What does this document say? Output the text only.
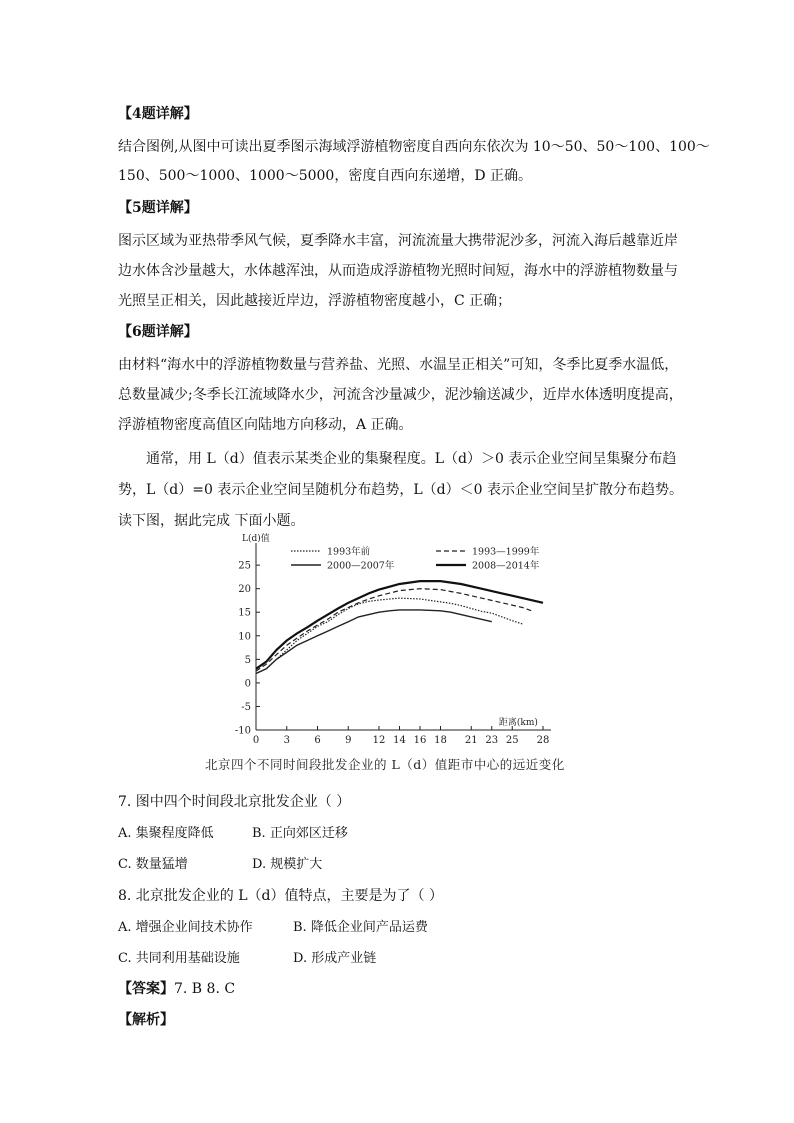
【4题详解】
结合图例,从图中可读出夏季图示海域浮游植物密度自西向东依次为 10～50、50～100、100～
150、500～1000、1000～5000，密度自西向东递增，D 正确。
【5题详解】
图示区域为亚热带季风气候，夏季降水丰富，河流流量大携带泥沙多，河流入海后越靠近岸
边水体含沙量越大，水体越浑浊，从而造成浮游植物光照时间短，海水中的浮游植物数量与
光照呈正相关，因此越接近岸边，浮游植物密度越小，C 正确；
【6题详解】
由材料“海水中的浮游植物数量与营养盐、光照、水温呈正相关”可知，冬季比夏季水温低，
总数量减少;冬季长江流域降水少，河流含沙量减少，泥沙输送减少，近岸水体透明度提高，
浮游植物密度高值区向陆地方向移动，A 正确。
通常，用 L（d）值表示某类企业的集聚程度。L（d）＞0 表示企业空间呈集聚分布趋
势，L（d）=0 表示企业空间呈随机分布趋势，L（d）＜0 表示企业空间呈扩散分布趋势。
读下图，据此完成 下面小题。
-10
-5
0
5
10
15
20
25
0 3 6 9 12 14 16 18 21 23 25 28
L(d)值
距离(km)
1993年前	1993—1999年
2000—2007年	2008—2014年
北京四个不同时间段批发企业的 L（d）值距市中心的远近变化
7. 图中四个时间段北京批发企业（ ）
A. 集聚程度降低	B. 正向郊区迁移
C. 数量猛增	D. 规模扩大
8. 北京批发企业的 L（d）值特点，主要是为了（ ）
A. 增强企业间技术协作	B. 降低企业间产品运费
C. 共同利用基础设施	D. 形成产业链
【答案】7. B 8. C
【解析】
